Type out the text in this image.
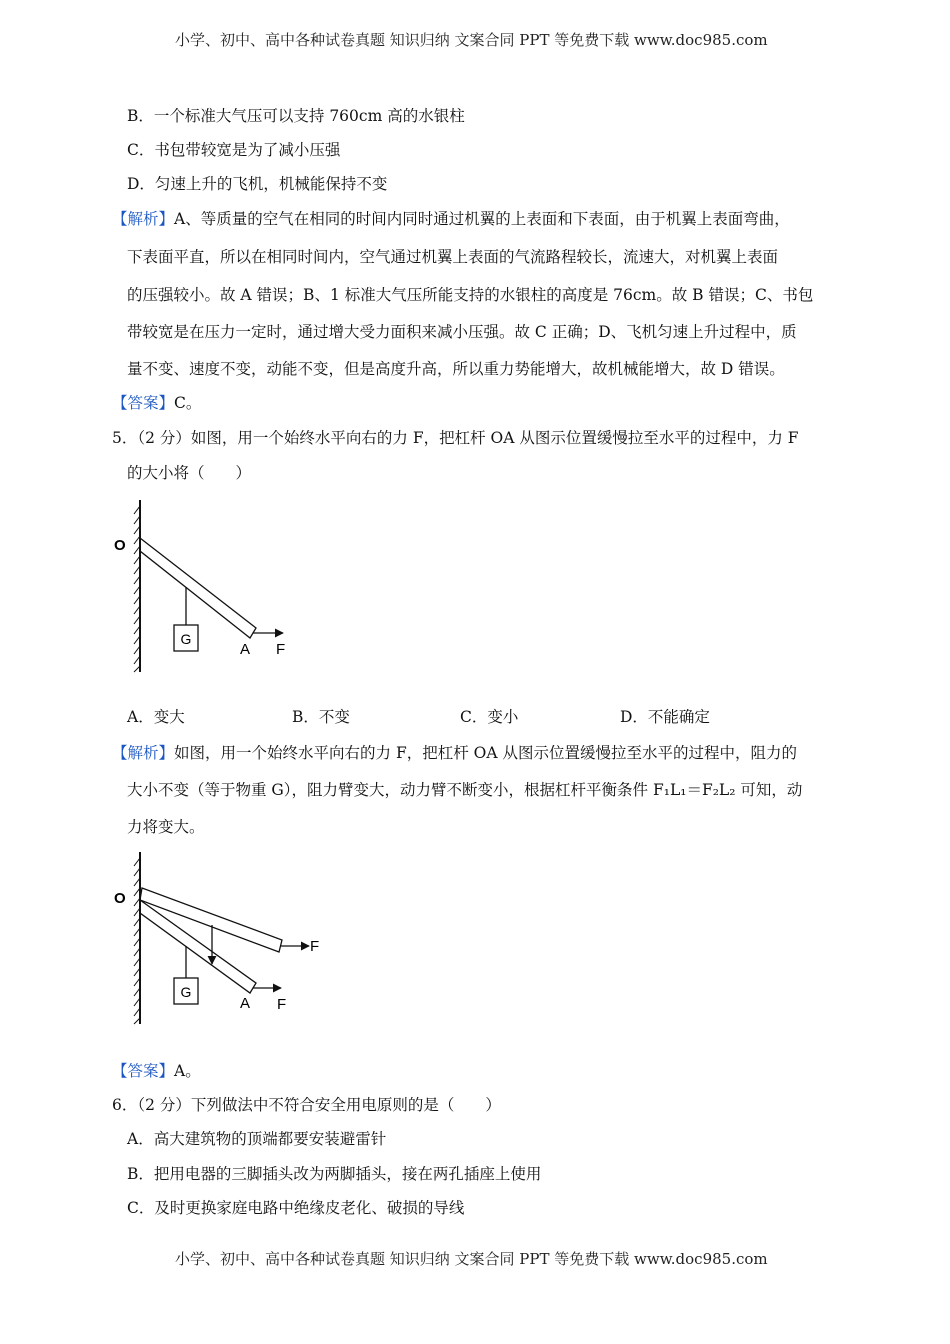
小学、初中、高中各种试卷真题 知识归纳 文案合同 PPT 等免费下载 www.doc985.com
小学、初中、高中各种试卷真题 知识归纳 文案合同 PPT 等免费下载 www.doc985.com
B．一个标准大气压可以支持 760cm 高的水银柱
C．书包带较宽是为了减小压强
D．匀速上升的飞机，机械能保持不变
【解析】A、等质量的空气在相同的时间内同时通过机翼的上表面和下表面，由于机翼上表面弯曲，
下表面平直，所以在相同时间内，空气通过机翼上表面的气流路程较长，流速大，对机翼上表面
的压强较小。故 A 错误；B、1 标准大气压所能支持的水银柱的高度是 76cm。故 B 错误；C、书包
带较宽是在压力一定时，通过增大受力面积来减小压强。故 C 正确；D、飞机匀速上升过程中，质
量不变、速度不变，动能不变，但是高度升高，所以重力势能增大，故机械能增大，故 D 错误。
【答案】C。
5．（2 分）如图，用一个始终水平向右的力 F，把杠杆 OA 从图示位置缓慢拉至水平的过程中，力 F
的大小将（　　）
G
O
A F
A．变大	B．不变	C．变小	D．不能确定
【解析】如图，用一个始终水平向右的力 F，把杠杆 OA 从图示位置缓慢拉至水平的过程中，阻力的
大小不变（等于物重 G），阻力臂变大，动力臂不断变小，根据杠杆平衡条件 F₁L₁＝F₂L₂ 可知，动
力将变大。
G
O
A F
F
【答案】A。
6．（2 分）下列做法中不符合安全用电原则的是（　　）
A．高大建筑物的顶端都要安装避雷针
B．把用电器的三脚插头改为两脚插头，接在两孔插座上使用
C．及时更换家庭电路中绝缘皮老化、破损的导线
